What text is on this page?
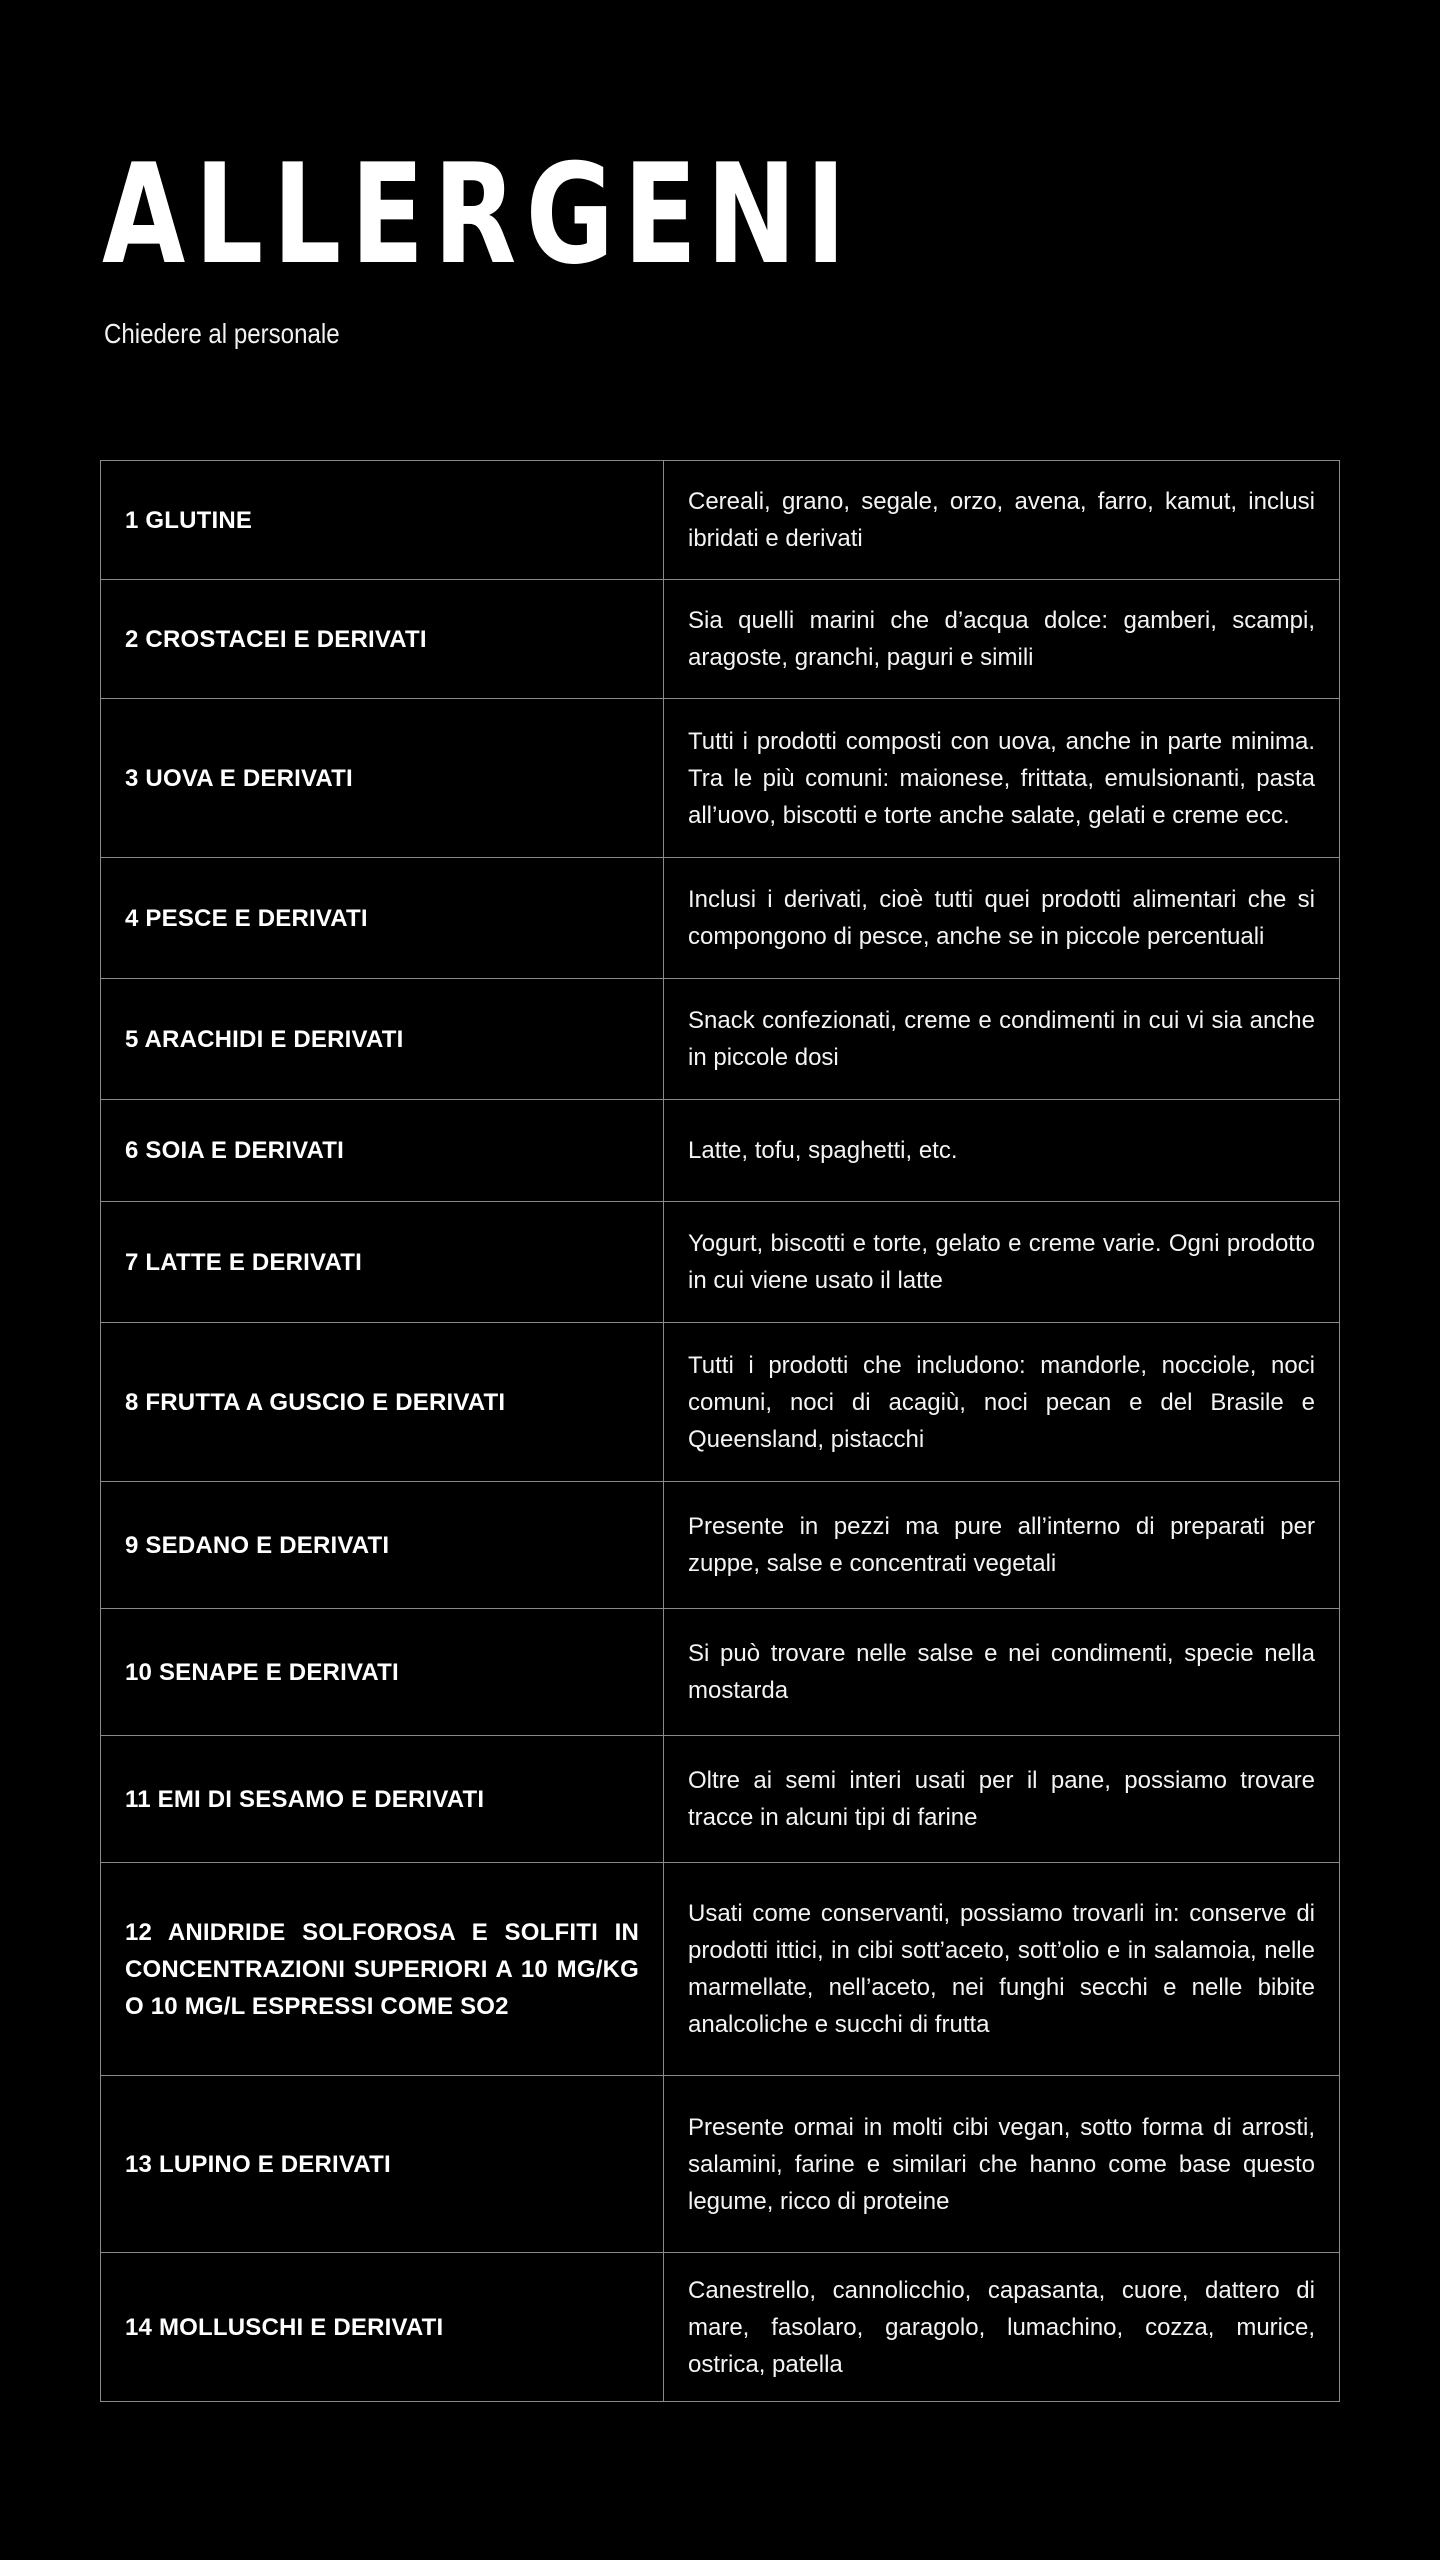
ALLERGENI

Chiedere al personale

1 GLUTINE	Cereali, grano, segale, orzo, avena, farro, kamut, inclusi ibridati e derivati
2 CROSTACEI E DERIVATI	Sia quelli marini che d’acqua dolce: gamberi, scampi, aragoste, granchi, paguri e simili
3 UOVA E DERIVATI	Tutti i prodotti composti con uova, anche in parte minima. Tra le più comuni: maionese, frittata, emulsionanti, pasta all’uovo, biscotti e torte anche salate, gelati e creme ecc.
4 PESCE E DERIVATI	Inclusi i derivati, cioè tutti quei prodotti alimentari che si compongono di pesce, anche se in piccole percentuali
5 ARACHIDI E DERIVATI	Snack confezionati, creme e condimenti in cui vi sia anche in piccole dosi
6 SOIA E DERIVATI	Latte, tofu, spaghetti, etc.
7 LATTE E DERIVATI	Yogurt, biscotti e torte, gelato e creme varie. Ogni prodotto in cui viene usato il latte
8 FRUTTA A GUSCIO E DERIVATI	Tutti i prodotti che includono: mandorle, nocciole, noci comuni, noci di acagiù, noci pecan e del Brasile e Queensland, pistacchi
9 SEDANO E DERIVATI	Presente in pezzi ma pure all’interno di preparati per zuppe, salse e concentrati vegetali
10 SENAPE E DERIVATI	Si può trovare nelle salse e nei condimenti, specie nella mostarda
11 EMI DI SESAMO E DERIVATI	Oltre ai semi interi usati per il pane, possiamo trovare tracce in alcuni tipi di farine
12 ANIDRIDE SOLFOROSA E SOLFITI IN CONCENTRAZIONI SUPERIORI A 10 MG/KG O 10 MG/L ESPRESSI COME SO2	Usati come conservanti, possiamo trovarli in: conserve di prodotti ittici, in cibi sott’aceto, sott’olio e in salamoia, nelle marmellate, nell’aceto, nei funghi secchi e nelle bibite analcoliche e succhi di frutta
13 LUPINO E DERIVATI	Presente ormai in molti cibi vegan, sotto forma di arrosti, salamini, farine e similari che hanno come base questo legume, ricco di proteine
14 MOLLUSCHI E DERIVATI	Canestrello, cannolicchio, capasanta, cuore, dattero di mare, fasolaro, garagolo, lumachino, cozza, murice, ostrica, patella
